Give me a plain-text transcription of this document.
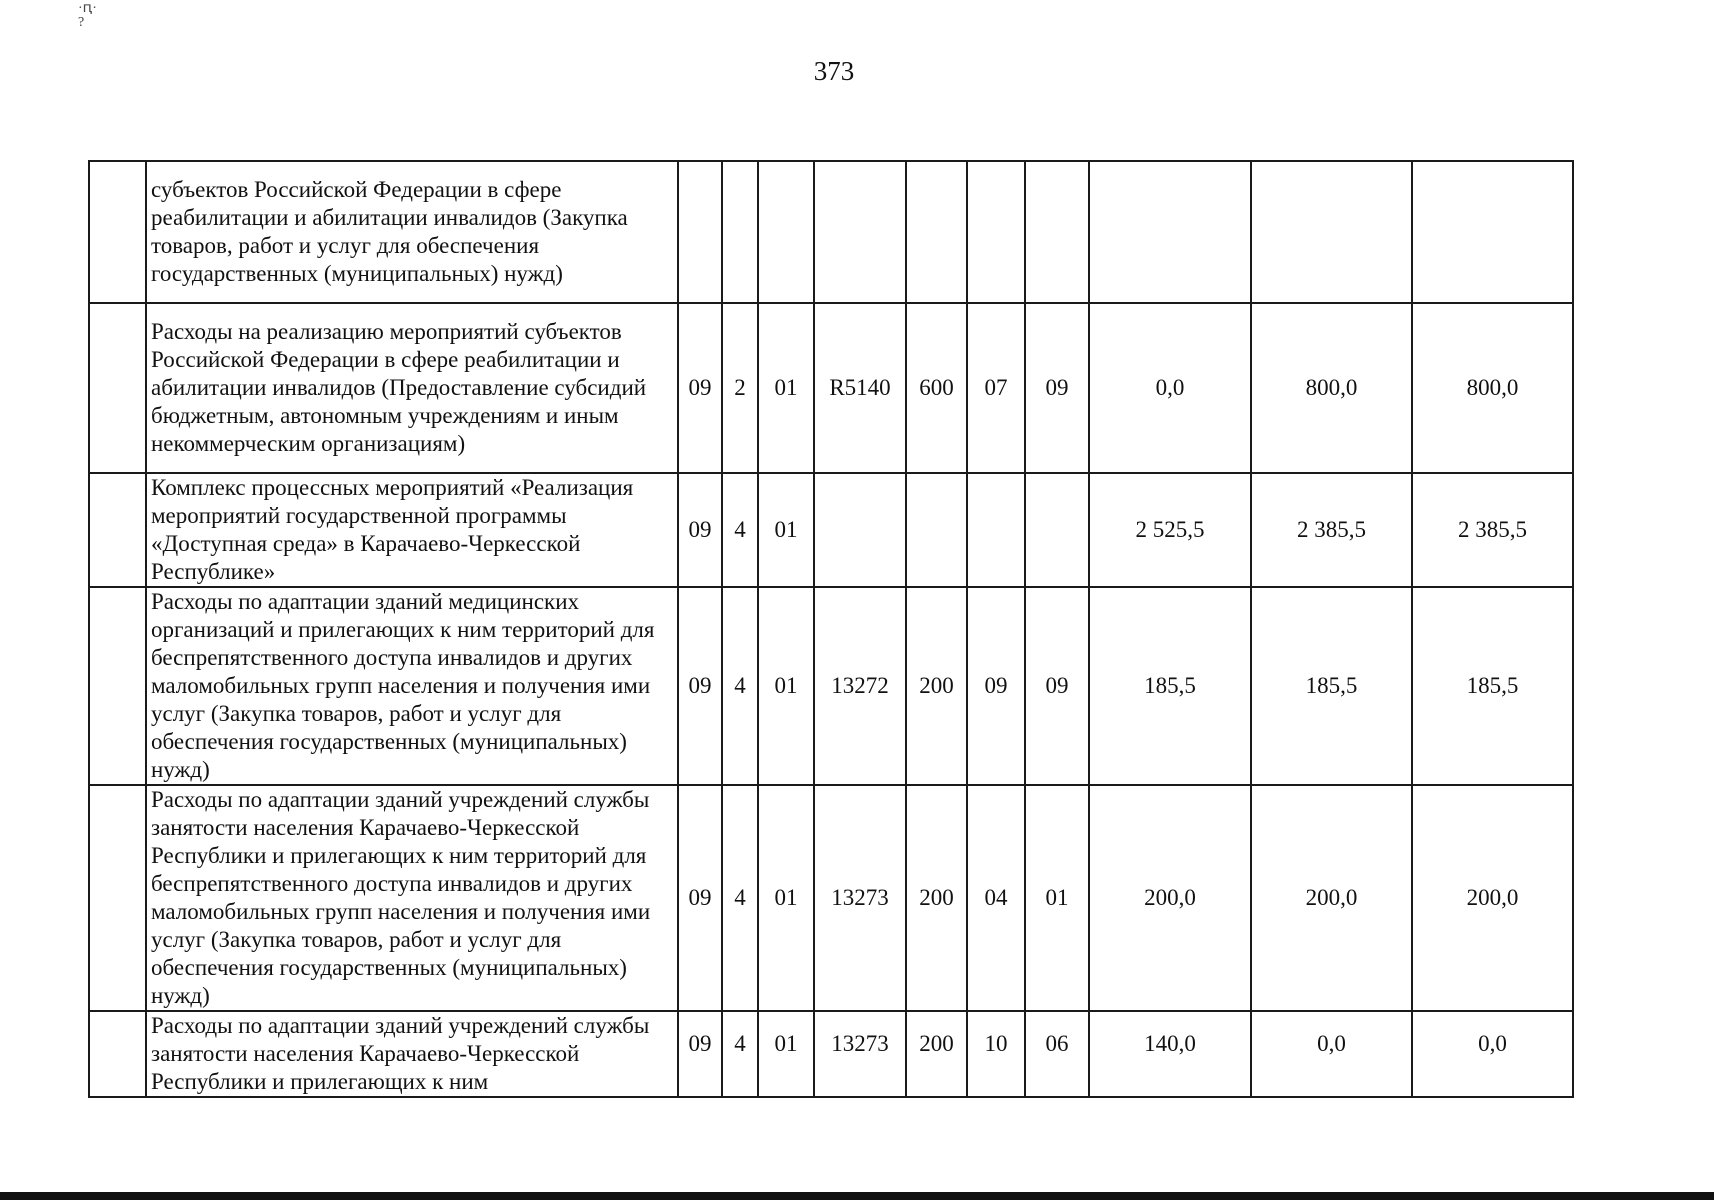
·ԥ·
?
373
	субъектов Российской Федерации в сфере реабилитации и абилитации инвалидов (Закупка товаров, работ и услуг для обеспечения государственных (муниципальных) нужд)										
	Расходы на реализацию мероприятий субъектов Российской Федерации в сфере реабилитации и абилитации инвалидов (Предоставление субсидий бюджетным, автономным учреждениям и иным некоммерческим организациям)	09	2	01	R5140	600	07	09	0,0	800,0	800,0
	Комплекс процессных мероприятий «Реализация мероприятий государственной программы «Доступная среда» в Карачаево-Черкесской Республике»	09	4	01					2 525,5	2 385,5	2 385,5
	Расходы по адаптации зданий медицинских организаций и прилегающих к ним территорий для беспрепятственного доступа инвалидов и других маломобильных групп населения и получения ими услуг (Закупка товаров, работ и услуг для обеспечения государственных (муниципальных) нужд)	09	4	01	13272	200	09	09	185,5	185,5	185,5
	Расходы по адаптации зданий учреждений службы занятости населения Карачаево-Черкесской Республики и прилегающих к ним территорий для беспрепятственного доступа инвалидов и других маломобильных групп населения и получения ими услуг (Закупка товаров, работ и услуг для обеспечения государственных (муниципальных) нужд)	09	4	01	13273	200	04	01	200,0	200,0	200,0
	Расходы по адаптации зданий учреждений службы занятости населения Карачаево-Черкесской Республики и прилегающих к ним	09	4	01	13273	200	10	06	140,0	0,0	0,0
